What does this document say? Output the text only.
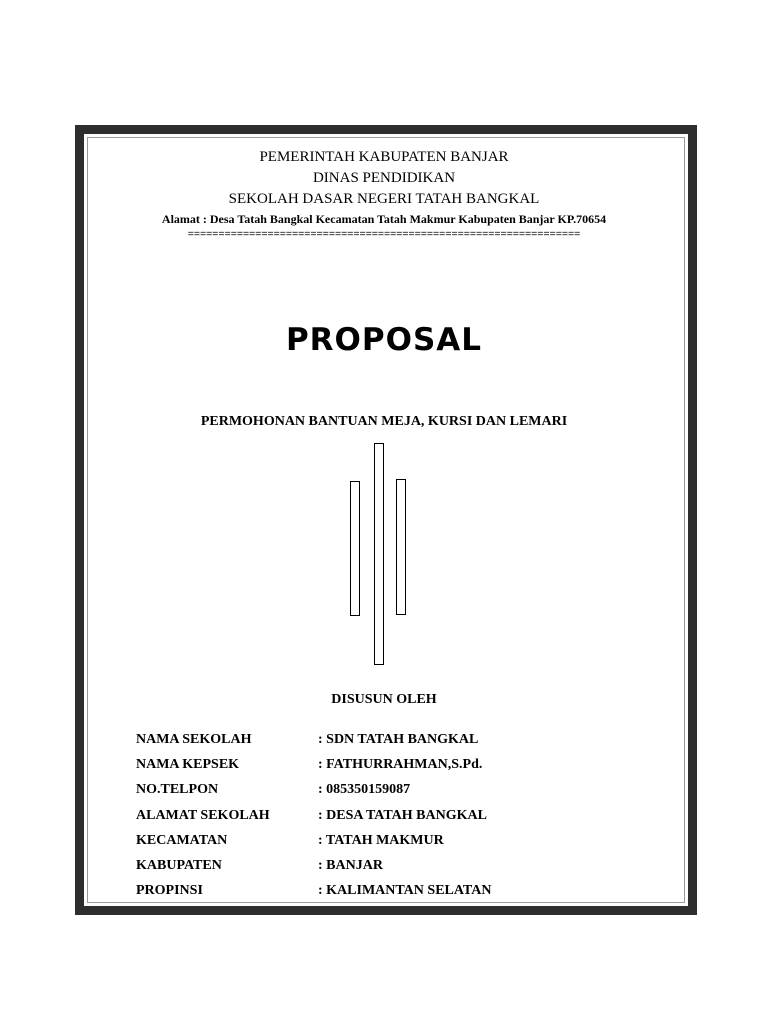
PEMERINTAH KABUPATEN BANJAR
DINAS PENDIDIKAN
SEKOLAH DASAR NEGERI TATAH BANGKAL
Alamat : Desa Tatah Bangkal Kecamatan Tatah Makmur Kabupaten Banjar KP.70654
================================================================
PROPOSAL
PERMOHONAN BANTUAN MEJA, KURSI DAN LEMARI
DISUSUN OLEH
NAMA SEKOLAH	: SDN TATAH BANGKAL
NAMA KEPSEK	: FATHURRAHMAN,S.Pd.
NO.TELPON	: 085350159087
ALAMAT SEKOLAH	: DESA TATAH BANGKAL
KECAMATAN	: TATAH MAKMUR
KABUPATEN	: BANJAR
PROPINSI	: KALIMANTAN SELATAN
